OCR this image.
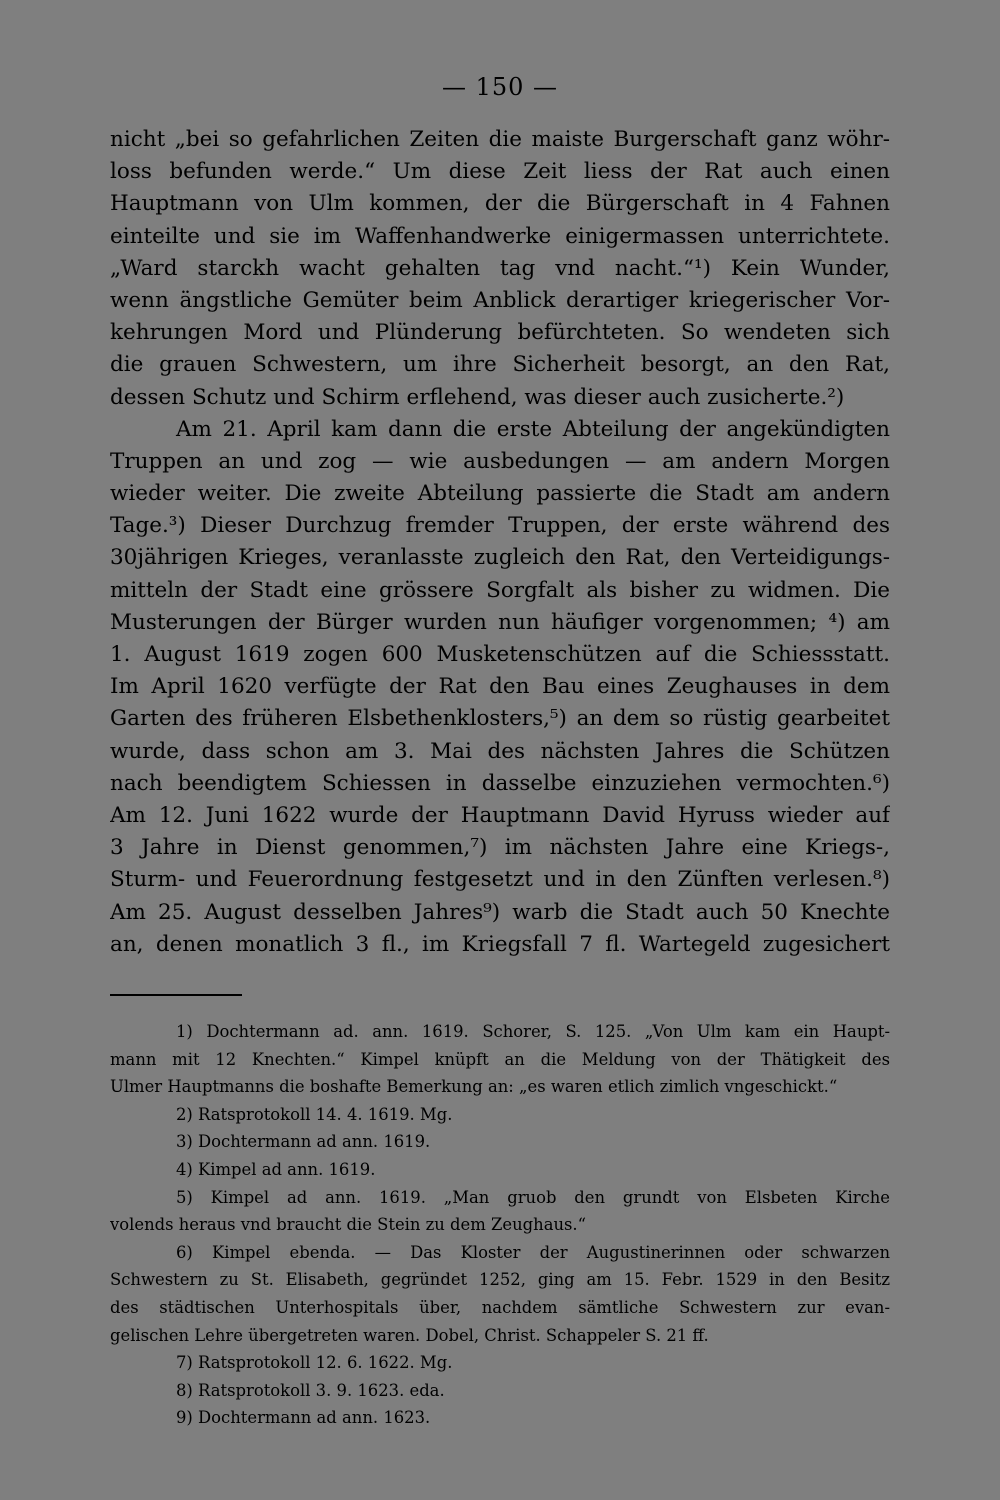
— 150 —
nicht „bei so gefahrlichen Zeiten die maiste Burgerschaft ganz wöhr-
loss befunden werde.“ Um diese Zeit liess der Rat auch einen
Hauptmann von Ulm kommen, der die Bürgerschaft in 4 Fahnen
einteilte und sie im Waffenhandwerke einigermassen unterrichtete.
„Ward starckh wacht gehalten tag vnd nacht.“¹) Kein Wunder,
wenn ängstliche Gemüter beim Anblick derartiger kriegerischer Vor-
kehrungen Mord und Plünderung befürchteten. So wendeten sich
die grauen Schwestern, um ihre Sicherheit besorgt, an den Rat,
dessen Schutz und Schirm erflehend, was dieser auch zusicherte.²)
Am 21. April kam dann die erste Abteilung der angekündigten
Truppen an und zog — wie ausbedungen — am andern Morgen
wieder weiter. Die zweite Abteilung passierte die Stadt am andern
Tage.³) Dieser Durchzug fremder Truppen, der erste während des
30jährigen Krieges, veranlasste zugleich den Rat, den Verteidigungs-
mitteln der Stadt eine grössere Sorgfalt als bisher zu widmen. Die
Musterungen der Bürger wurden nun häufiger vorgenommen; ⁴) am
1. August 1619 zogen 600 Musketenschützen auf die Schiessstatt.
Im April 1620 verfügte der Rat den Bau eines Zeughauses in dem
Garten des früheren Elsbethenklosters,⁵) an dem so rüstig gearbeitet
wurde, dass schon am 3. Mai des nächsten Jahres die Schützen
nach beendigtem Schiessen in dasselbe einzuziehen vermochten.⁶)
Am 12. Juni 1622 wurde der Hauptmann David Hyruss wieder auf
3 Jahre in Dienst genommen,⁷) im nächsten Jahre eine Kriegs-,
Sturm- und Feuerordnung festgesetzt und in den Zünften verlesen.⁸)
Am 25. August desselben Jahres⁹) warb die Stadt auch 50 Knechte
an, denen monatlich 3 fl., im Kriegsfall 7 fl. Wartegeld zugesichert
1) Dochtermann ad. ann. 1619. Schorer, S. 125. „Von Ulm kam ein Haupt-
mann mit 12 Knechten.“ Kimpel knüpft an die Meldung von der Thätigkeit des
Ulmer Hauptmanns die boshafte Bemerkung an: „es waren etlich zimlich vngeschickt.“
2) Ratsprotokoll 14. 4. 1619. Mg.
3) Dochtermann ad ann. 1619.
4) Kimpel ad ann. 1619.
5) Kimpel ad ann. 1619. „Man gruob den grundt von Elsbeten Kirche
volends heraus vnd braucht die Stein zu dem Zeughaus.“
6) Kimpel ebenda. — Das Kloster der Augustinerinnen oder schwarzen
Schwestern zu St. Elisabeth, gegründet 1252, ging am 15. Febr. 1529 in den Besitz
des städtischen Unterhospitals über, nachdem sämtliche Schwestern zur evan-
gelischen Lehre übergetreten waren. Dobel, Christ. Schappeler S. 21 ff.
7) Ratsprotokoll 12. 6. 1622. Mg.
8) Ratsprotokoll 3. 9. 1623. eda.
9) Dochtermann ad ann. 1623.
